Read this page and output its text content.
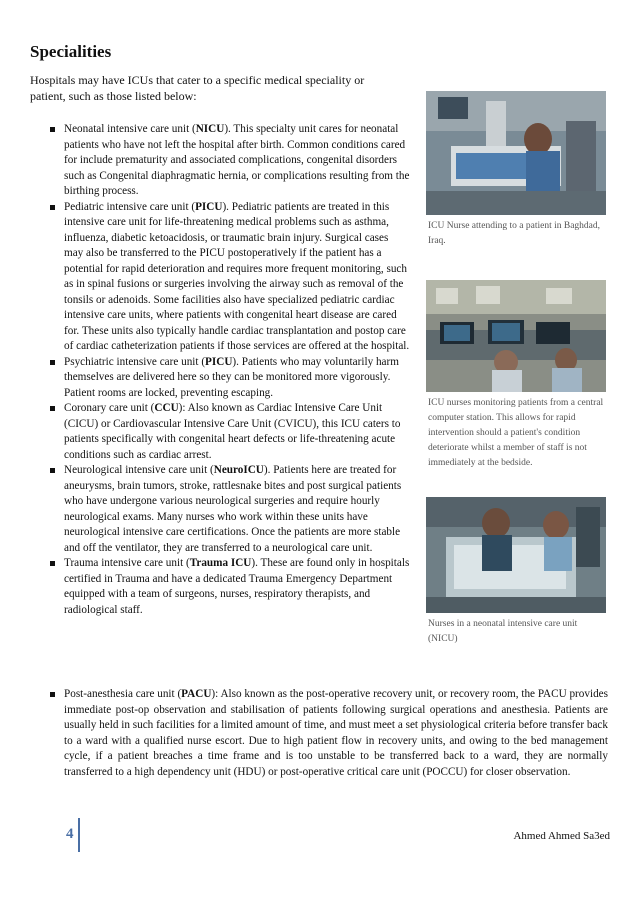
Specialities
Hospitals may have ICUs that cater to a specific medical speciality or patient, such as those listed below:
Neonatal intensive care unit (NICU). This specialty unit cares for neonatal patients who have not left the hospital after birth. Common conditions cared for include prematurity and associated complications, congenital disorders such as Congenital diaphragmatic hernia, or complications resulting from the birthing process.
Pediatric intensive care unit (PICU). Pediatric patients are treated in this intensive care unit for life-threatening medical problems such as asthma, influenza, diabetic ketoacidosis, or traumatic brain injury. Surgical cases may also be transferred to the PICU postoperatively if the patient has a potential for rapid deterioration and requires more frequent monitoring, such as in spinal fusions or surgeries involving the airway such as removal of the tonsils or adenoids. Some facilities also have specialized pediatric cardiac intensive care units, where patients with congenital heart disease are cared for. These units also typically handle cardiac transplantation and postop care of cardiac catheterization patients if those services are offered at the hospital.
Psychiatric intensive care unit (PICU). Patients who may voluntarily harm themselves are delivered here so they can be monitored more vigorously. Patient rooms are locked, preventing escaping.
Coronary care unit (CCU): Also known as Cardiac Intensive Care Unit (CICU) or Cardiovascular Intensive Care Unit (CVICU), this ICU caters to patients specifically with congenital heart defects or life-threatening acute conditions such as cardiac arrest.
Neurological intensive care unit (NeuroICU). Patients here are treated for aneurysms, brain tumors, stroke, rattlesnake bites and post surgical patients who have undergone various neurological surgeries and require hourly neurological exams. Many nurses who work within these units have neurological intensive care certifications. Once the patients are more stable and off the ventilator, they are transferred to a neurological care unit.
Trauma intensive care unit (Trauma ICU). These are found only in hospitals certified in Trauma and have a dedicated Trauma Emergency Department equipped with a team of surgeons, nurses, respiratory therapists, and radiological staff.
Post-anesthesia care unit (PACU): Also known as the post-operative recovery unit, or recovery room, the PACU provides immediate post-op observation and stabilisation of patients following surgical operations and anesthesia. Patients are usually held in such facilities for a limited amount of time, and must meet a set physiological criteria before transfer back to a ward with a qualified nurse escort. Due to high patient flow in recovery units, and owing to the bed management cycle, if a patient breaches a time frame and is too unstable to be transferred back to a ward, they are normally transferred to a high dependency unit (HDU) or post-operative critical care unit (POCCU) for closer observation.
ICU Nurse attending to a patient in Baghdad, Iraq.
ICU nurses monitoring patients from a central computer station. This allows for rapid intervention should a patient's condition deteriorate whilst a member of staff is not immediately at the bedside.
Nurses in a neonatal intensive care unit (NICU)
4	Ahmed Ahmed Sa3ed
